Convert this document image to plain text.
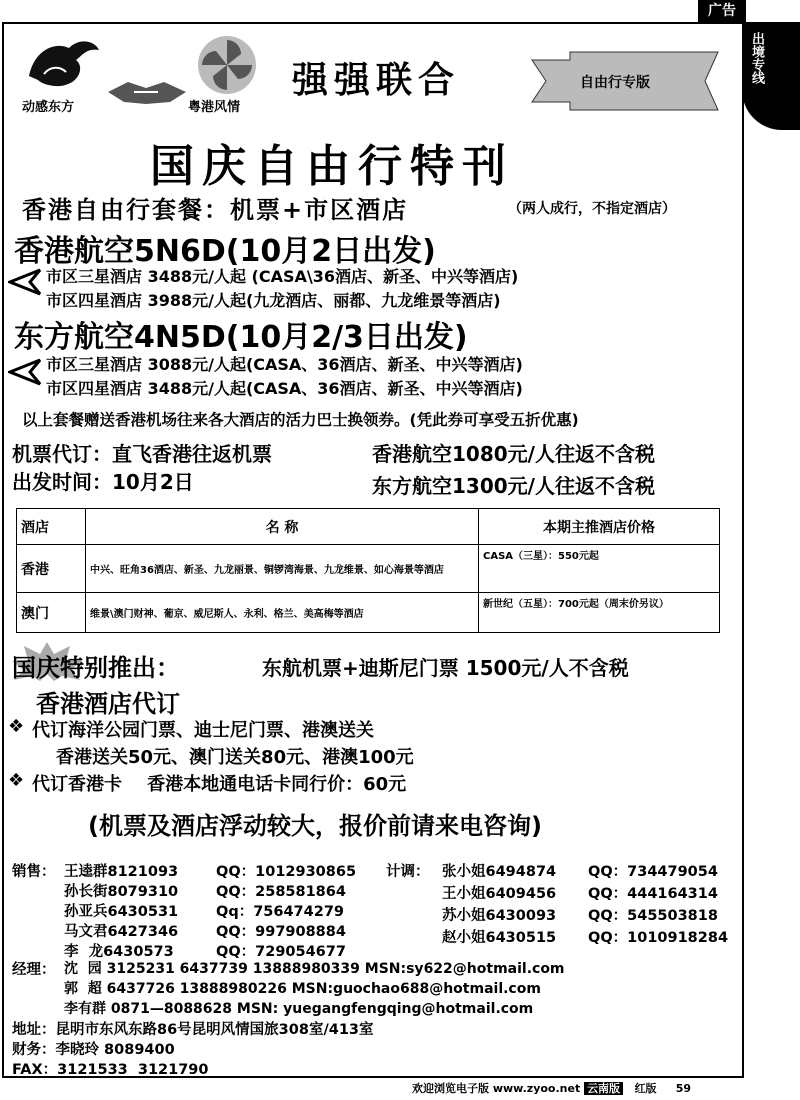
广告
出境专线
动感东方	粤港风情
强强联合	自由行专版
国庆自由行特刊
香港自由行套餐：机票+市区酒店	（两人成行，不指定酒店）
香港航空5N6D(10月2日出发)
市区三星酒店 3488元/人起 (CASA\36酒店、新圣、中兴等酒店)
市区四星酒店 3988元/人起(九龙酒店、丽都、九龙维景等酒店)
东方航空4N5D(10月2/3日出发)
市区三星酒店 3088元/人起(CASA、36酒店、新圣、中兴等酒店)
市区四星酒店 3488元/人起(CASA、36酒店、新圣、中兴等酒店)
以上套餐赠送香港机场往来各大酒店的活力巴士换领券。(凭此券可享受五折优惠)
机票代订：直飞香港往返机票	香港航空1080元/人往返不含税
出发时间：10月2日	东方航空1300元/人往返不含税
酒店	名 称	本期主推酒店价格
香港	中兴、旺角36酒店、新圣、九龙丽景、铜锣湾海景、九龙维景、如心海景等酒店	CASA（三星）：550元起
澳门	维景\澳门财神、葡京、威尼斯人、永利、格兰、美高梅等酒店	新世纪（五星）：700元起（周末价另议）
国庆特别推出：	东航机票+迪斯尼门票 1500元/人不含税
香港酒店代订
❖ 代订海洋公园门票、迪士尼门票、港澳送关
香港送关50元、澳门送关80元、港澳100元
❖ 代订香港卡    香港本地通电话卡同行价：60元
(机票及酒店浮动较大，报价前请来电咨询)
销售： 王逵群8121093	QQ：1012930865
孙长街8079310	QQ：258581864
孙亚兵6430531	Qq：756474279
马文君6427346	QQ：997908884
李  龙6430573	QQ：729054677
计调： 张小姐6494874 QQ：734479054
王小姐6409456 QQ：444164314
苏小姐6430093 QQ：545503818
赵小姐6430515 QQ：1010918284
经理： 沈  园 3125231 6437739 13888980339 MSN:sy622@hotmail.com
郭  超 6437726 13888980226 MSN:guochao688@hotmail.com
李有群 0871—8088628 MSN: yuegangfengqing@hotmail.com
地址：昆明市东风东路86号昆明风情国旅308室/413室
财务：李晓玲 8089400
FAX：3121533  3121790
欢迎浏览电子版 www.zyoo.net 云南版 红版 59
